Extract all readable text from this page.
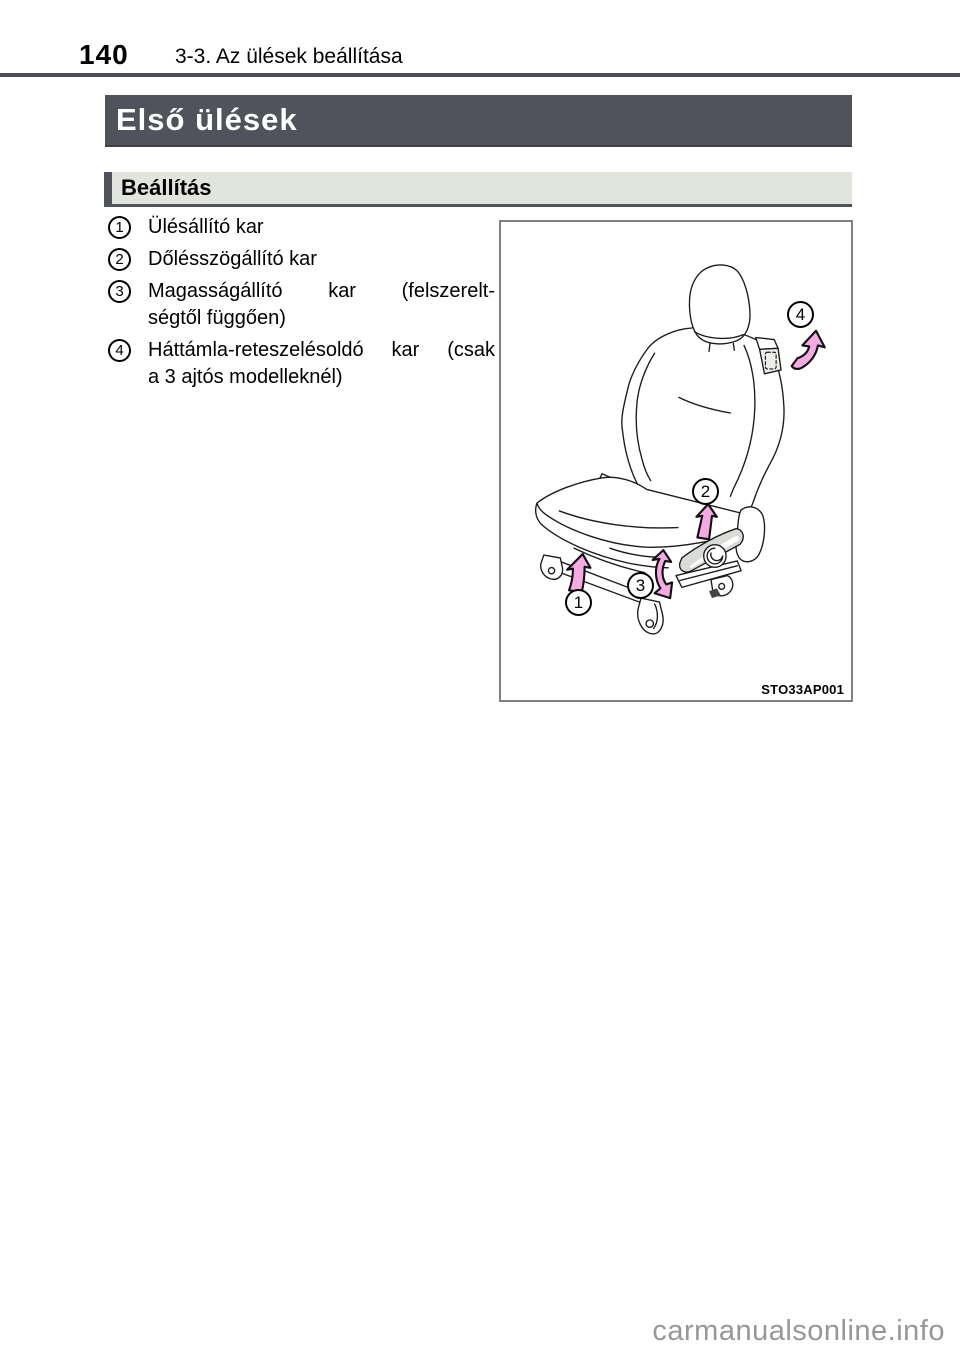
140 3-3. Az ülések beállítása
Első ülések
Beállítás
1	Ülésállító kar
2	Dőlésszögállító kar
3	Magasságállító kar (felszerelt-
ségtől függően)
4	Háttámla-reteszelésoldó kar (csak
a 3 ajtós modelleknél)
1
2
3
4
STO33AP001
carmanualsonline.info
